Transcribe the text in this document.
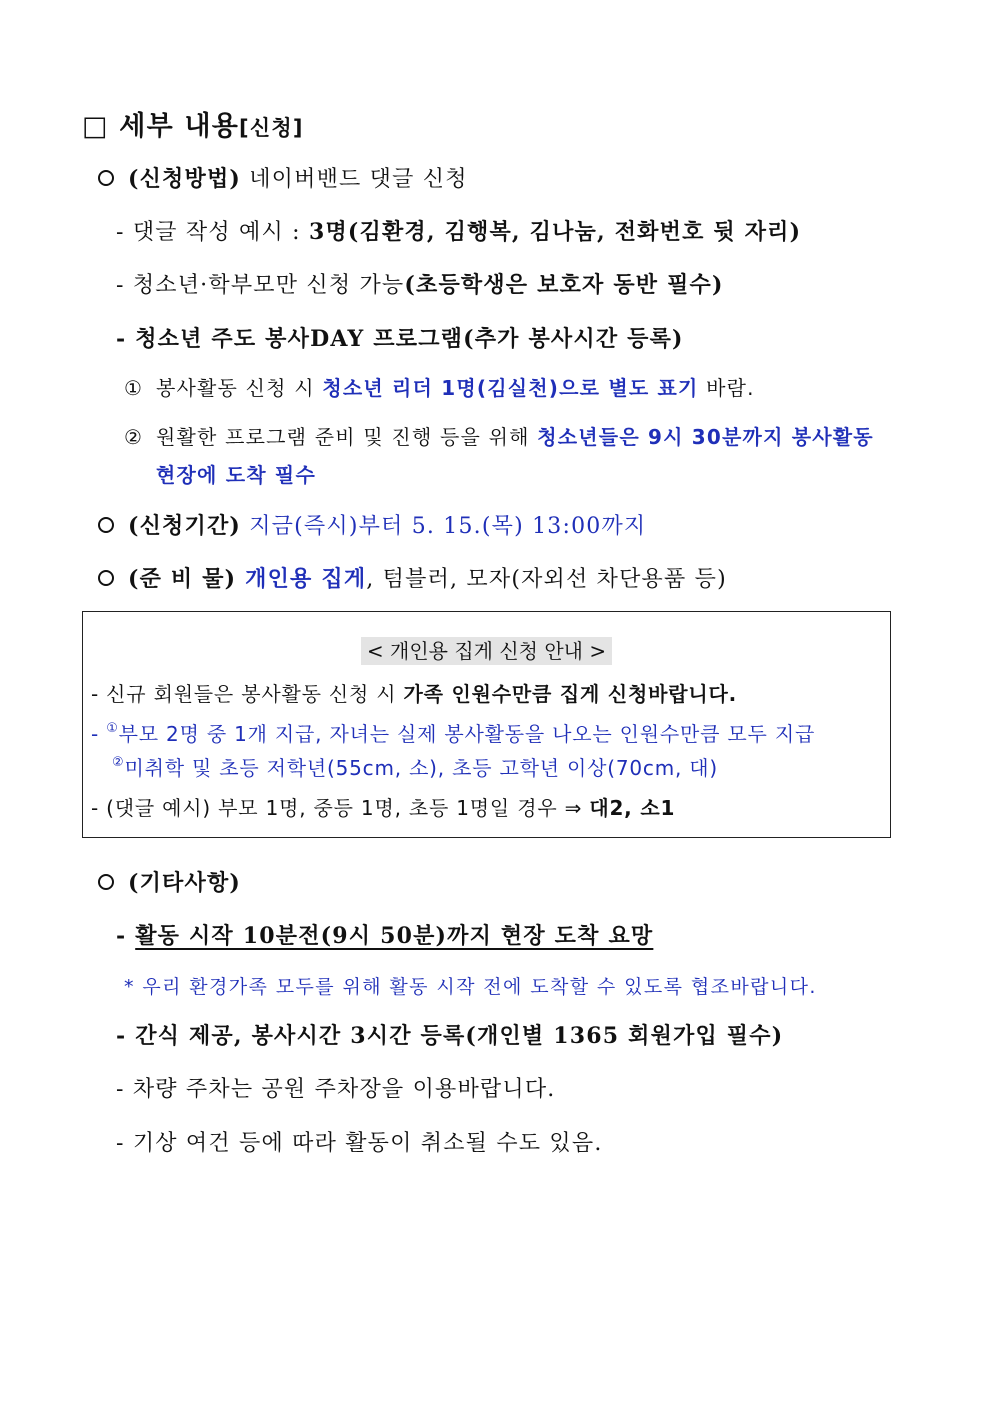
□ 세부 내용[신청]
(신청방법) 네이버밴드 댓글 신청
- 댓글 작성 예시 : 3명(김환경, 김행복, 김나눔, 전화번호 뒷 자리)
- 청소년·학부모만 신청 가능(초등학생은 보호자 동반 필수)
- 청소년 주도 봉사DAY 프로그램(추가 봉사시간 등록)
① 봉사활동 신청 시 청소년 리더 1명(김실천)으로 별도 표기 바람.
② 원활한 프로그램 준비 및 진행 등을 위해 청소년들은 9시 30분까지 봉사활동
현장에 도착 필수
(신청기간) 지금(즉시)부터 5. 15.(목) 13:00까지
(준 비 물) 개인용 집게, 텀블러, 모자(자외선 차단용품 등)
< 개인용 집게 신청 안내 >
- 신규 회원들은 봉사활동 신청 시 가족 인원수만큼 집게 신청바랍니다.
- ①부모 2명 중 1개 지급, 자녀는 실제 봉사활동을 나오는 인원수만큼 모두 지급
②미취학 및 초등 저학년(55cm, 소), 초등 고학년 이상(70cm, 대)
- (댓글 예시) 부모 1명, 중등 1명, 초등 1명일 경우 ⇒ 대2, 소1
(기타사항)
- 활동 시작 10분전(9시 50분)까지 현장 도착 요망
* 우리 환경가족 모두를 위해 활동 시작 전에 도착할 수 있도록 협조바랍니다.
- 간식 제공, 봉사시간 3시간 등록(개인별 1365 회원가입 필수)
- 차량 주차는 공원 주차장을 이용바랍니다.
- 기상 여건 등에 따라 활동이 취소될 수도 있음.
